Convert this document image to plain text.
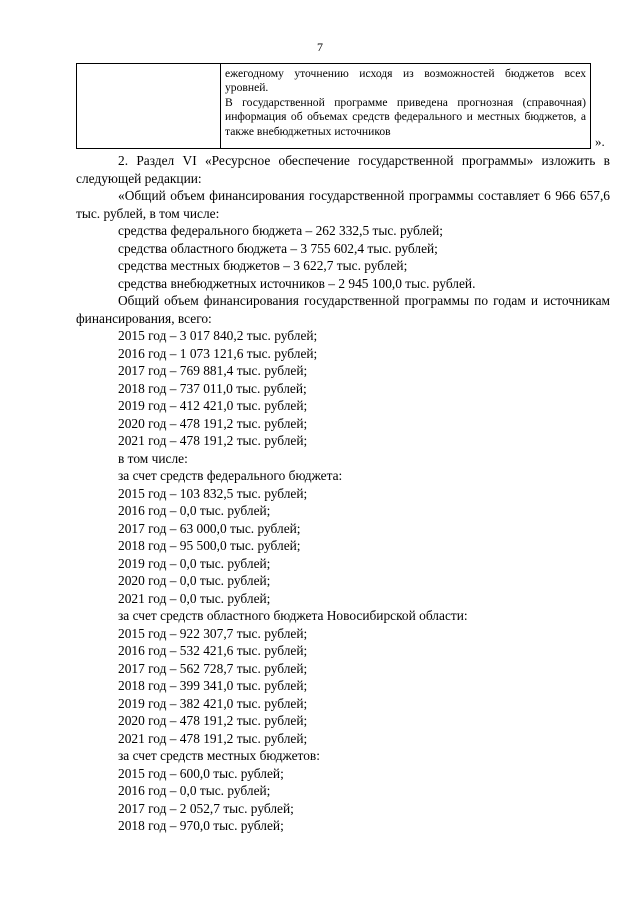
7

ежегодному уточнению исходя из возможностей бюджетов всех уровней.

В государственной программе приведена прогнозная (справочная) информация об объемах средств федерального и местных бюджетов, а также внебюджетных источников

».

2. Раздел VI «Ресурсное обеспечение государственной программы» изложить в следующей редакции:

«Общий объем финансирования государственной программы составляет 6 966 657,6 тыс. рублей, в том числе:

средства федерального бюджета – 262 332,5 тыс. рублей;

средства областного бюджета – 3 755 602,4 тыс. рублей;

средства местных бюджетов – 3 622,7 тыс. рублей;

средства внебюджетных источников – 2 945 100,0 тыс. рублей.

Общий объем финансирования государственной программы по годам и источникам финансирования, всего:

2015 год – 3 017 840,2 тыс. рублей;

2016 год – 1 073 121,6 тыс. рублей;

2017 год – 769 881,4 тыс. рублей;

2018 год – 737 011,0 тыс. рублей;

2019 год – 412 421,0 тыс. рублей;

2020 год – 478 191,2 тыс. рублей;

2021 год – 478 191,2 тыс. рублей;

в том числе:

за счет средств федерального бюджета:

2015 год – 103 832,5 тыс. рублей;

2016 год – 0,0 тыс. рублей;

2017 год – 63 000,0 тыс. рублей;

2018 год – 95 500,0 тыс. рублей;

2019 год – 0,0 тыс. рублей;

2020 год – 0,0 тыс. рублей;

2021 год – 0,0 тыс. рублей;

за счет средств областного бюджета Новосибирской области:

2015 год – 922 307,7 тыс. рублей;

2016 год – 532 421,6 тыс. рублей;

2017 год – 562 728,7 тыс. рублей;

2018 год – 399 341,0 тыс. рублей;

2019 год – 382 421,0 тыс. рублей;

2020 год – 478 191,2 тыс. рублей;

2021 год – 478 191,2 тыс. рублей;

за счет средств местных бюджетов:

2015 год – 600,0 тыс. рублей;

2016 год – 0,0 тыс. рублей;

2017 год – 2 052,7 тыс. рублей;

2018 год – 970,0 тыс. рублей;
